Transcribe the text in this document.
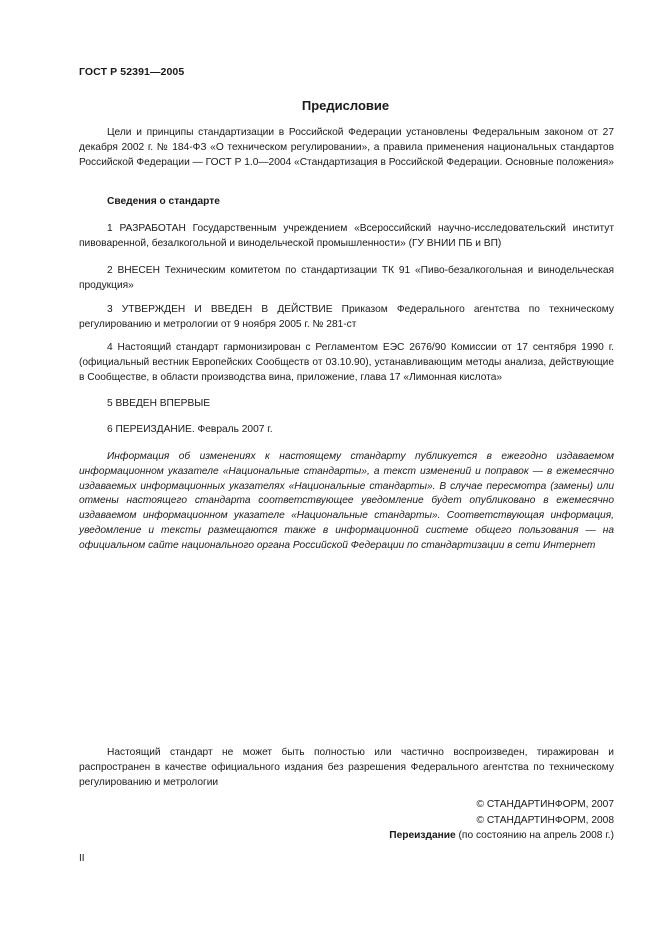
ГОСТ Р 52391—2005
Предисловие
Цели и принципы стандартизации в Российской Федерации установлены Федеральным законом от 27 декабря 2002 г. № 184-ФЗ «О техническом регулировании», а правила применения национальных стандартов Российской Федерации — ГОСТ Р 1.0—2004 «Стандартизация в Российской Федерации. Основные положения»
Сведения о стандарте
1 РАЗРАБОТАН Государственным учреждением «Всероссийский научно-исследовательский институт пивоваренной, безалкогольной и винодельческой промышленности» (ГУ ВНИИ ПБ и ВП)
2 ВНЕСЕН Техническим комитетом по стандартизации ТК 91 «Пиво-безалкогольная и винодельческая продукция»
3 УТВЕРЖДЕН И ВВЕДЕН В ДЕЙСТВИЕ Приказом Федерального агентства по техническому регулированию и метрологии от 9 ноября 2005 г. № 281-ст
4 Настоящий стандарт гармонизирован с Регламентом ЕЭС 2676/90 Комиссии от 17 сентября 1990 г. (официальный вестник Европейских Сообществ от 03.10.90), устанавливающим методы анализа, действующие в Сообществе, в области производства вина, приложение, глава 17 «Лимонная кислота»
5 ВВЕДЕН ВПЕРВЫЕ
6 ПЕРЕИЗДАНИЕ. Февраль 2007 г.
Информация об изменениях к настоящему стандарту публикуется в ежегодно издаваемом информационном указателе «Национальные стандарты», а текст изменений и поправок — в ежемесячно издаваемых информационных указателях «Национальные стандарты». В случае пересмотра (замены) или отмены настоящего стандарта соответствующее уведомление будет опубликовано в ежемесячно издаваемом информационном указателе «Национальные стандарты». Соответствующая информация, уведомление и тексты размещаются также в информационной системе общего пользования — на официальном сайте национального органа Российской Федерации по стандартизации в сети Интернет
Настоящий стандарт не может быть полностью или частично воспроизведен, тиражирован и распространен в качестве официального издания без разрешения Федерального агентства по техническому регулированию и метрологии
© СТАНДАРТИНФОРМ, 2007
© СТАНДАРТИНФОРМ, 2008
Переиздание (по состоянию на апрель 2008 г.)
II
